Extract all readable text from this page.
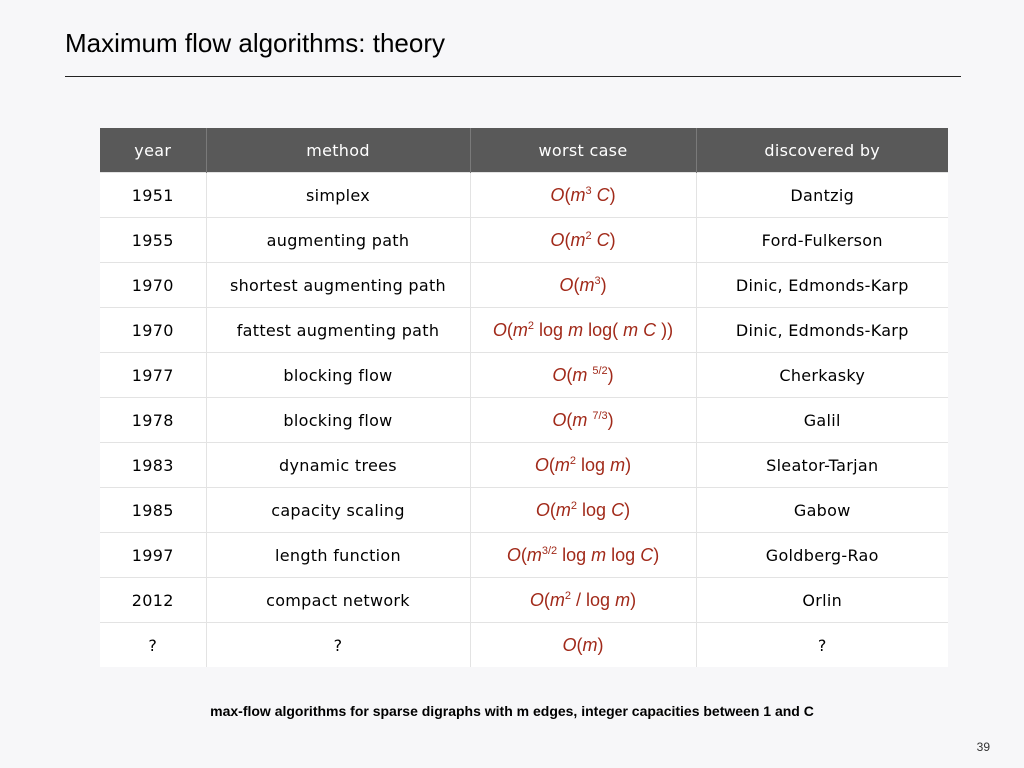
Maximum flow algorithms: theory
year	method	worst case	discovered by
1951	simplex	$O(m^3$ C)	Dantzig
1955	augmenting path	$O(m^2$ C)	Ford-Fulkerson
1970	shortest augmenting path	$O(m^3)$	Dinic, Edmonds-Karp
1970	fattest augmenting path	$O(m^2$ log m log( m C ))	Dinic, Edmonds-Karp
1977	blocking flow	O(m $^{5/2}$)	Cherkasky
1978	blocking flow	O(m $^{7/3}$)	Galil
1983	dynamic trees	$O(m^2$ log m)	Sleator-Tarjan
1985	capacity scaling	$O(m^2$ log C)	Gabow
1997	length function	$O(m^{3/2}$ log m log C)	Goldberg-Rao
2012	compact network	$O(m^2$ / log m)	Orlin
?	?	O(m)	?
max-flow algorithms for sparse digraphs with m edges, integer capacities between 1 and C
39
